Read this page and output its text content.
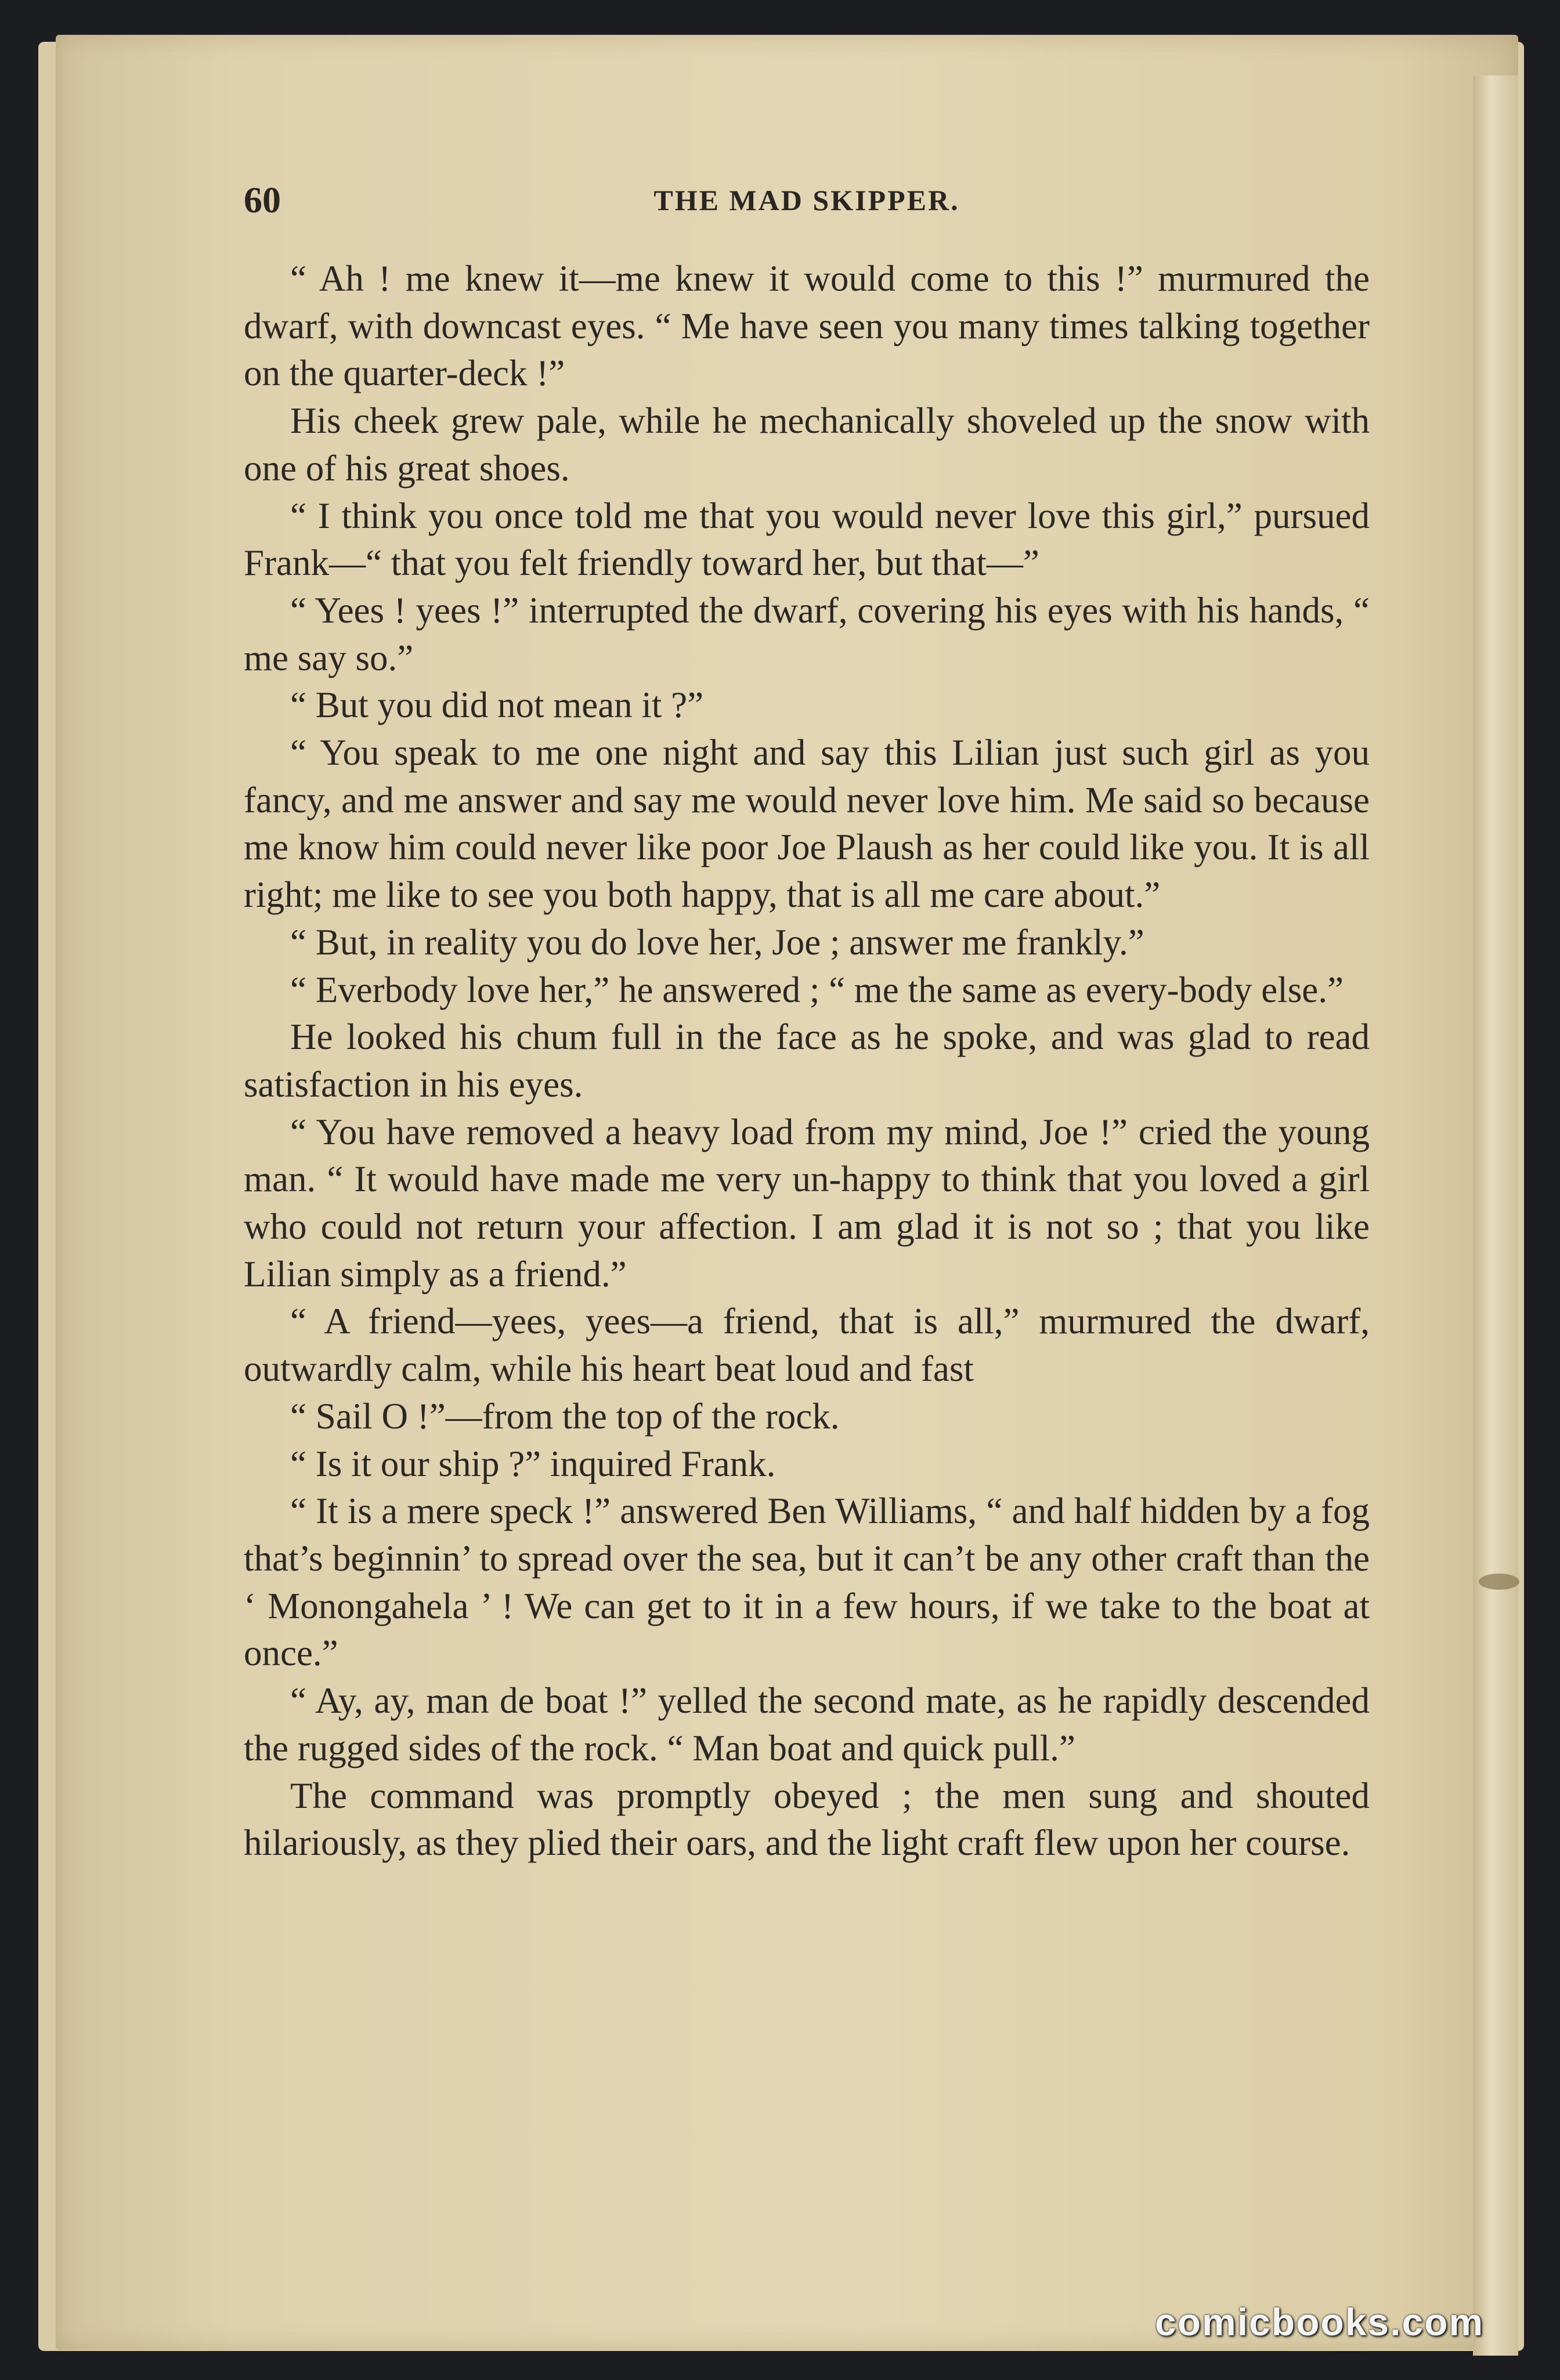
THE MAD SKIPPER.
60

“ Ah ! me knew it—me knew it would come to this !” murmured the dwarf, with downcast eyes. “ Me have seen you many times talking together on the quarter-deck !”

His cheek grew pale, while he mechanically shoveled up the snow with one of his great shoes.

“ I think you once told me that you would never love this girl,” pursued Frank—“ that you felt friendly toward her, but that—”

“ Yees ! yees !” interrupted the dwarf, covering his eyes with his hands, “ me say so.”

“ But you did not mean it ?”

“ You speak to me one night and say this Lilian just such girl as you fancy, and me answer and say me would never love him. Me said so because me know him could never like poor Joe Plaush as her could like you. It is all right; me like to see you both happy, that is all me care about.”

“ But, in reality you do love her, Joe ; answer me frankly.”

“ Everbody love her,” he answered ; “ me the same as every-body else.”

He looked his chum full in the face as he spoke, and was glad to read satisfaction in his eyes.

“ You have removed a heavy load from my mind, Joe !” cried the young man. “ It would have made me very un-happy to think that you loved a girl who could not return your affection. I am glad it is not so ; that you like Lilian simply as a friend.”

“ A friend—yees, yees—a friend, that is all,” murmured the dwarf, outwardly calm, while his heart beat loud and fast

“ Sail O !”—from the top of the rock.

“ Is it our ship ?” inquired Frank.

“ It is a mere speck !” answered Ben Williams, “ and half hidden by a fog that’s beginnin’ to spread over the sea, but it can’t be any other craft than the ‘ Monongahela ’ ! We can get to it in a few hours, if we take to the boat at once.”

“ Ay, ay, man de boat !” yelled the second mate, as he rapidly descended the rugged sides of the rock. “ Man boat and quick pull.”

The command was promptly obeyed ; the men sung and shouted hilariously, as they plied their oars, and the light craft flew upon her course.

comicbooks.com
